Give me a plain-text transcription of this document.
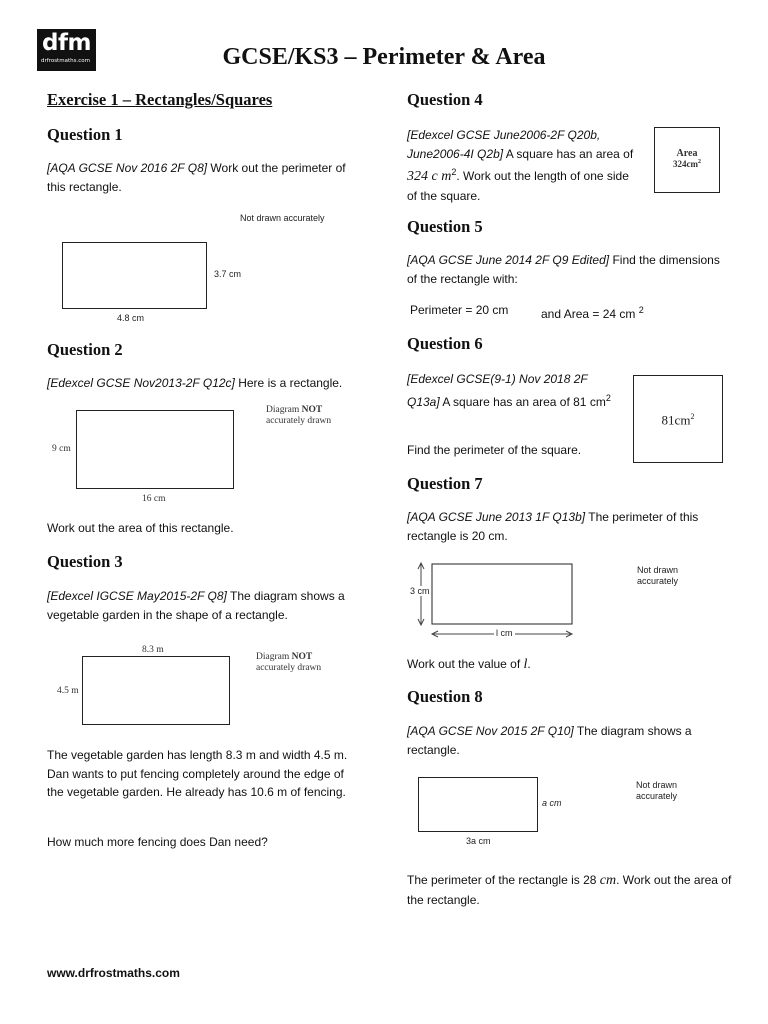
dfm
drfrostmaths.com	GCSE/KS3 – Perimeter & Area
Exercise 1 – Rectangles/Squares
Question 1
[AQA GCSE Nov 2016 2F Q8] Work out the perimeter of this rectangle.
Not drawn accurately
3.7 cm
4.8 cm
Question 2
[Edexcel GCSE Nov2013-2F Q12c] Here is a rectangle.
Diagram NOT
accurately drawn
9 cm
16 cm
Work out the area of this rectangle.
Question 3
[Edexcel IGCSE May2015-2F Q8] The diagram shows a vegetable garden in the shape of a rectangle.
8.3 m
4.5 m
Diagram NOT
accurately drawn
The vegetable garden has length 8.3 m and width 4.5 m. Dan wants to put fencing completely around the edge of the vegetable garden. He already has 10.6 m of fencing.
How much more fencing does Dan need?
Question 4
[Edexcel GCSE June2006-2F Q20b, June2006-4I Q2b] A square has an area of 324 c $m^2$. Work out the length of one side of the square.
Area
$324cm^2$
Question 5
[AQA GCSE June 2014 2F Q9 Edited] Find the dimensions of the rectangle with:
Perimeter = 20 cm	and Area = 24 cm $^2$
Question 6
[Edexcel GCSE(9-1) Nov 2018 2F Q13a] A square has an area of 81 $cm^2$
$81cm^2$
Find the perimeter of the square.
Question 7
[AQA GCSE June 2013 1F Q13b] The perimeter of this rectangle is 20 cm.
3 cm
l cm
Not drawn
accurately
Work out the value of l.
Question 8
[AQA GCSE Nov 2015 2F Q10] The diagram shows a rectangle.
a cm
3a cm
Not drawn
accurately
The perimeter of the rectangle is 28 cm. Work out the area of the rectangle.
www.drfrostmaths.com
